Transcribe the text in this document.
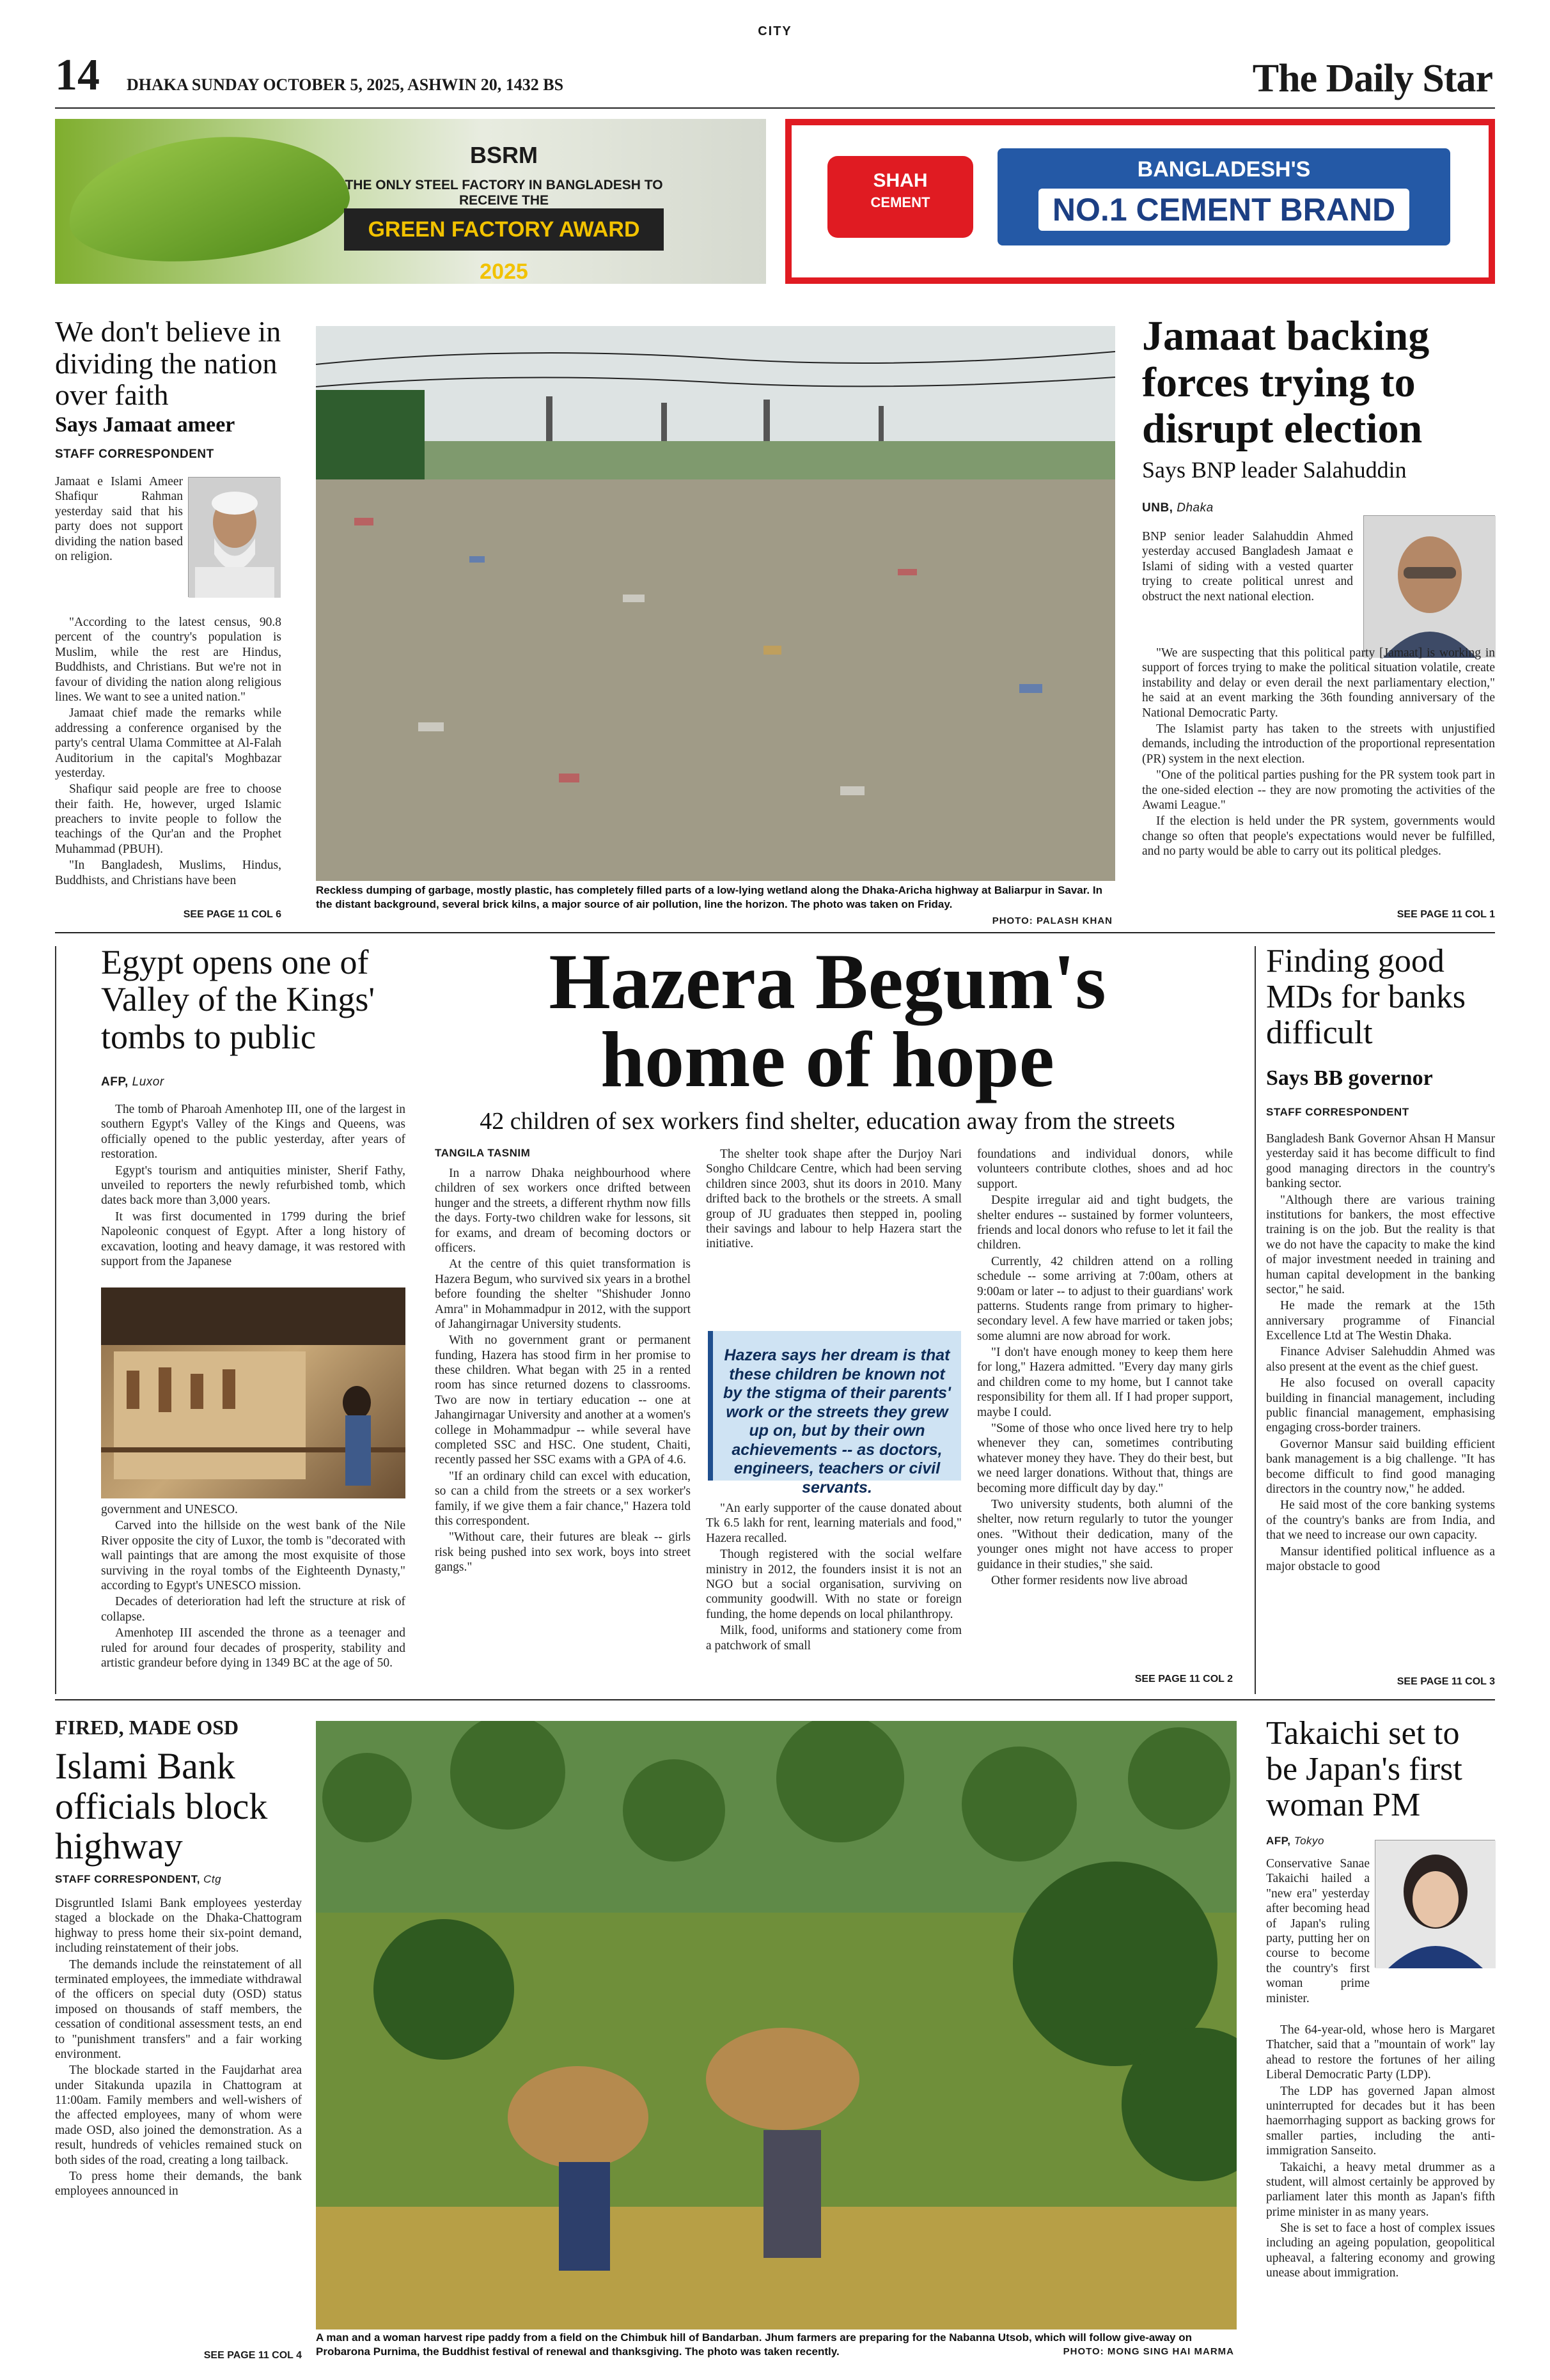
CITY
14 DHAKA SUNDAY OCTOBER 5, 2025, ASHWIN 20, 1432 BS	The Daily Star
BSRM
THE ONLY STEEL FACTORY IN BANGLADESH TO RECEIVE THE
GREEN FACTORY AWARD 2025
SHAH
CEMENT
BANGLADESH'S
NO.1 CEMENT BRAND
We don't believe in dividing the nation over faith
Says Jamaat ameer
STAFF CORRESPONDENT

Jamaat e Islami Ameer Shafiqur Rahman yesterday said that his party does not support dividing the nation based on religion.

"According to the latest census, 90.8 percent of the country's population is Muslim, while the rest are Hindus, Buddhists, and Christians. But we're not in favour of dividing the nation along religious lines. We want to see a united nation."

Jamaat chief made the remarks while addressing a conference organised by the party's central Ulama Committee at Al-Falah Auditorium in the capital's Moghbazar yesterday.

Shafiqur said people are free to choose their faith. He, however, urged Islamic preachers to invite people to follow the teachings of the Qur'an and the Prophet Muhammad (PBUH).

"In Bangladesh, Muslims, Hindus, Buddhists, and Christians have been

SEE PAGE 11 COL 6
Reckless dumping of garbage, mostly plastic, has completely filled parts of a low-lying wetland along the Dhaka-Aricha highway at Baliarpur in Savar. In the distant background, several brick kilns, a major source of air pollution, line the horizon. The photo was taken on Friday.
PHOTO: PALASH KHAN
Jamaat backing forces trying to disrupt election
Says BNP leader Salahuddin
UNB, Dhaka

BNP senior leader Salahuddin Ahmed yesterday accused Bangladesh Jamaat e Islami of siding with a vested quarter trying to create political unrest and obstruct the next national election.

"We are suspecting that this political party [Jamaat] is working in support of forces trying to make the political situation volatile, create instability and delay or even derail the next parliamentary election," he said at an event marking the 36th founding anniversary of the National Democratic Party.

The Islamist party has taken to the streets with unjustified demands, including the introduction of the proportional representation (PR) system in the next election.

"One of the political parties pushing for the PR system took part in the one-sided election -- they are now promoting the activities of the Awami League."

If the election is held under the PR system, governments would change so often that people's expectations would never be fulfilled, and no party would be able to carry out its political pledges.

SEE PAGE 11 COL 1
Egypt opens one of Valley of the Kings' tombs to public
AFP, Luxor

The tomb of Pharoah Amenhotep III, one of the largest in southern Egypt's Valley of the Kings and Queens, was officially opened to the public yesterday, after years of restoration.

Egypt's tourism and antiquities minister, Sherif Fathy, unveiled to reporters the newly refurbished tomb, which dates back more than 3,000 years.

It was first documented in 1799 during the brief Napoleonic conquest of Egypt. After a long history of excavation, looting and heavy damage, it was restored with support from the Japanese

government and UNESCO.

Carved into the hillside on the west bank of the Nile River opposite the city of Luxor, the tomb is "decorated with wall paintings that are among the most exquisite of those surviving in the royal tombs of the Eighteenth Dynasty," according to Egypt's UNESCO mission.

Decades of deterioration had left the structure at risk of collapse.

Amenhotep III ascended the throne as a teenager and ruled for around four decades of prosperity, stability and artistic grandeur before dying in 1349 BC at the age of 50.

Hazera Begum's
home of hope
42 children of sex workers find shelter, education away from the streets
TANGILA TASNIM

In a narrow Dhaka neighbourhood where children of sex workers once drifted between hunger and the streets, a different rhythm now fills the days. Forty-two children wake for lessons, sit for exams, and dream of becoming doctors or officers.

At the centre of this quiet transformation is Hazera Begum, who survived six years in a brothel before founding the shelter "Shishuder Jonno Amra" in Mohammadpur in 2012, with the support of Jahangirnagar University students.

With no government grant or permanent funding, Hazera has stood firm in her promise to these children. What began with 25 in a rented room has since returned dozens to classrooms. Two are now in tertiary education -- one at Jahangirnagar University and another at a women's college in Mohammadpur -- while several have completed SSC and HSC. One student, Chaiti, recently passed her SSC exams with a GPA of 4.6.

"If an ordinary child can excel with education, so can a child from the streets or a sex worker's family, if we give them a fair chance," Hazera told this correspondent.

"Without care, their futures are bleak -- girls risk being pushed into sex work, boys into street gangs."

The shelter took shape after the Durjoy Nari Songho Childcare Centre, which had been serving children since 2003, shut its doors in 2010. Many drifted back to the brothels or the streets. A small group of JU graduates then stepped in, pooling their savings and labour to help Hazera start the initiative.

Hazera says her dream is that these children be known not by the stigma of their parents' work or the streets they grew up on, but by their own achievements -- as doctors, engineers, teachers or civil servants.

"An early supporter of the cause donated about Tk 6.5 lakh for rent, learning materials and food," Hazera recalled.

Though registered with the social welfare ministry in 2012, the founders insist it is not an NGO but a social organisation, surviving on community goodwill. With no state or foreign funding, the home depends on local philanthropy.

Milk, food, uniforms and stationery come from a patchwork of small

foundations and individual donors, while volunteers contribute clothes, shoes and ad hoc support.

Despite irregular aid and tight budgets, the shelter endures -- sustained by former volunteers, friends and local donors who refuse to let it fail the children.

Currently, 42 children attend on a rolling schedule -- some arriving at 7:00am, others at 9:00am or later -- to adjust to their guardians' work patterns. Students range from primary to higher-secondary level. A few have married or taken jobs; some alumni are now abroad for work.

"I don't have enough money to keep them here for long," Hazera admitted. "Every day many girls and children come to my home, but I cannot take responsibility for them all. If I had proper support, maybe I could.

"Some of those who once lived here try to help whenever they can, sometimes contributing whatever money they have. They do their best, but we need larger donations. Without that, things are becoming more difficult day by day."

Two university students, both alumni of the shelter, now return regularly to tutor the younger ones. "Without their dedication, many of the younger ones might not have access to proper guidance in their studies," she said.

Other former residents now live abroad

SEE PAGE 11 COL 2
Finding good MDs for banks difficult
Says BB governor
STAFF CORRESPONDENT

Bangladesh Bank Governor Ahsan H Mansur yesterday said it has become difficult to find good managing directors in the country's banking sector.

"Although there are various training institutions for bankers, the most effective training is on the job. But the reality is that we do not have the capacity to make the kind of major investment needed in training and human capital development in the banking sector," he said.

He made the remark at the 15th anniversary programme of Financial Excellence Ltd at The Westin Dhaka.

Finance Adviser Salehuddin Ahmed was also present at the event as the chief guest.

He also focused on overall capacity building in financial management, including public financial management, emphasising engaging cross-border trainers.

Governor Mansur said building efficient bank management is a big challenge. "It has become difficult to find good managing directors in the country now," he added.

He said most of the core banking systems of the country's banks are from India, and that we need to increase our own capacity.

Mansur identified political influence as a major obstacle to good

SEE PAGE 11 COL 3
FIRED, MADE OSD
Islami Bank officials block highway
STAFF CORRESPONDENT, Ctg

Disgruntled Islami Bank employees yesterday staged a blockade on the Dhaka-Chattogram highway to press home their six-point demand, including reinstatement of their jobs.

The demands include the reinstatement of all terminated employees, the immediate withdrawal of the officers on special duty (OSD) status imposed on thousands of staff members, the cessation of conditional assessment tests, an end to "punishment transfers" and a fair working environment.

The blockade started in the Faujdarhat area under Sitakunda upazila in Chattogram at 11:00am. Family members and well-wishers of the affected employees, many of whom were made OSD, also joined the demonstration. As a result, hundreds of vehicles remained stuck on both sides of the road, creating a long tailback.

To press home their demands, the bank employees announced in

SEE PAGE 11 COL 4
A man and a woman harvest ripe paddy from a field on the Chimbuk hill of Bandarban. Jhum farmers are preparing for the Nabanna Utsob, which will follow give-away on Probarona Purnima, the Buddhist festival of renewal and thanksgiving. The photo was taken recently.	PHOTO: MONG SING HAI MARMA
Takaichi set to be Japan's first woman PM
AFP, Tokyo

Conservative Sanae Takaichi hailed a "new era" yesterday after becoming head of Japan's ruling party, putting her on course to become the country's first woman prime minister.

The 64-year-old, whose hero is Margaret Thatcher, said that a "mountain of work" lay ahead to restore the fortunes of her ailing Liberal Democratic Party (LDP).

The LDP has governed Japan almost uninterrupted for decades but it has been haemorrhaging support as backing grows for smaller parties, including the anti-immigration Sanseito.

Takaichi, a heavy metal drummer as a student, will almost certainly be approved by parliament later this month as Japan's fifth prime minister in as many years.

She is set to face a host of complex issues including an ageing population, geopolitical upheaval, a faltering economy and growing unease about immigration.
